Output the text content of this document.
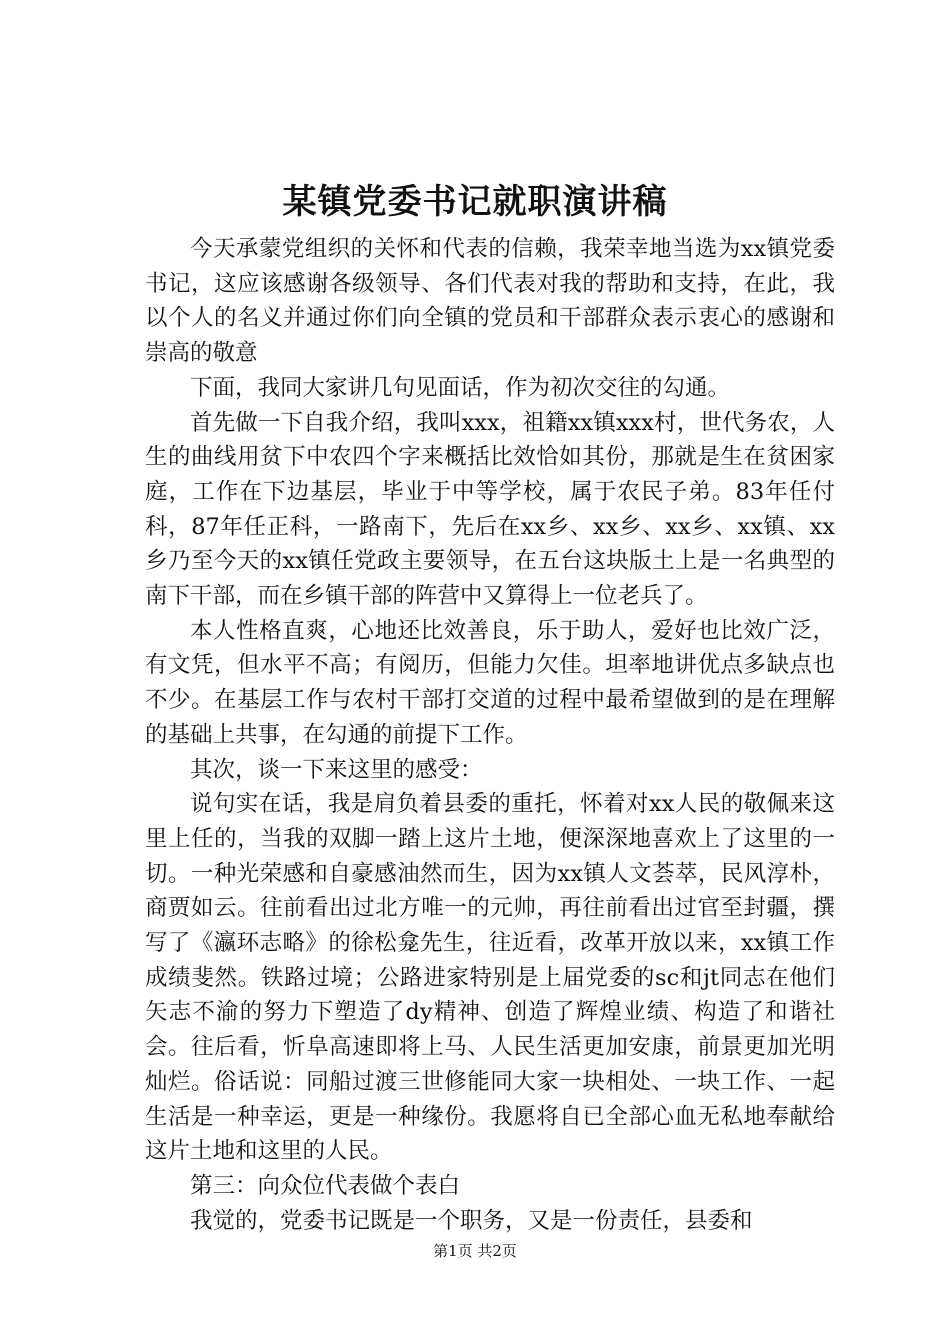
某镇党委书记就职演讲稿

今天承蒙党组织的关怀和代表的信赖，我荣幸地当选为xx镇党委书记，这应该感谢各级领导、各们代表对我的帮助和支持，在此，我以个人的名义并通过你们向全镇的党员和干部群众表示衷心的感谢和崇高的敬意

下面，我同大家讲几句见面话，作为初次交往的勾通。

首先做一下自我介绍，我叫xxx，祖籍xx镇xxx村，世代务农，人生的曲线用贫下中农四个字来概括比效恰如其份，那就是生在贫困家庭，工作在下边基层，毕业于中等学校，属于农民子弟。83年任付科，87年任正科，一路南下，先后在xx乡、xx乡、xx乡、xx镇、xx乡乃至今天的xx镇任党政主要领导，在五台这块版土上是一名典型的南下干部，而在乡镇干部的阵营中又算得上一位老兵了。

本人性格直爽，心地还比效善良，乐于助人，爱好也比效广泛，有文凭，但水平不高；有阅历，但能力欠佳。坦率地讲优点多缺点也不少。在基层工作与农村干部打交道的过程中最希望做到的是在理解的基础上共事，在勾通的前提下工作。

其次，谈一下来这里的感受：

说句实在话，我是肩负着县委的重托，怀着对xx人民的敬佩来这里上任的，当我的双脚一踏上这片土地，便深深地喜欢上了这里的一切。一种光荣感和自豪感油然而生，因为xx镇人文荟萃，民风淳朴，商贾如云。往前看出过北方唯一的元帅，再往前看出过官至封疆，撰写了《瀛环志略》的徐松龛先生，往近看，改革开放以来，xx镇工作成绩斐然。铁路过境；公路进家特别是上届党委的sc和jt同志在他们矢志不渝的努力下塑造了dy精神、创造了辉煌业绩、构造了和谐社会。往后看，忻阜高速即将上马、人民生活更加安康，前景更加光明灿烂。俗话说：同船过渡三世修能同大家一块相处、一块工作、一起生活是一种幸运，更是一种缘份。我愿将自已全部心血无私地奉献给这片土地和这里的人民。

第三：向众位代表做个表白

我觉的，党委书记既是一个职务，又是一份责任，县委和

第1页 共2页
